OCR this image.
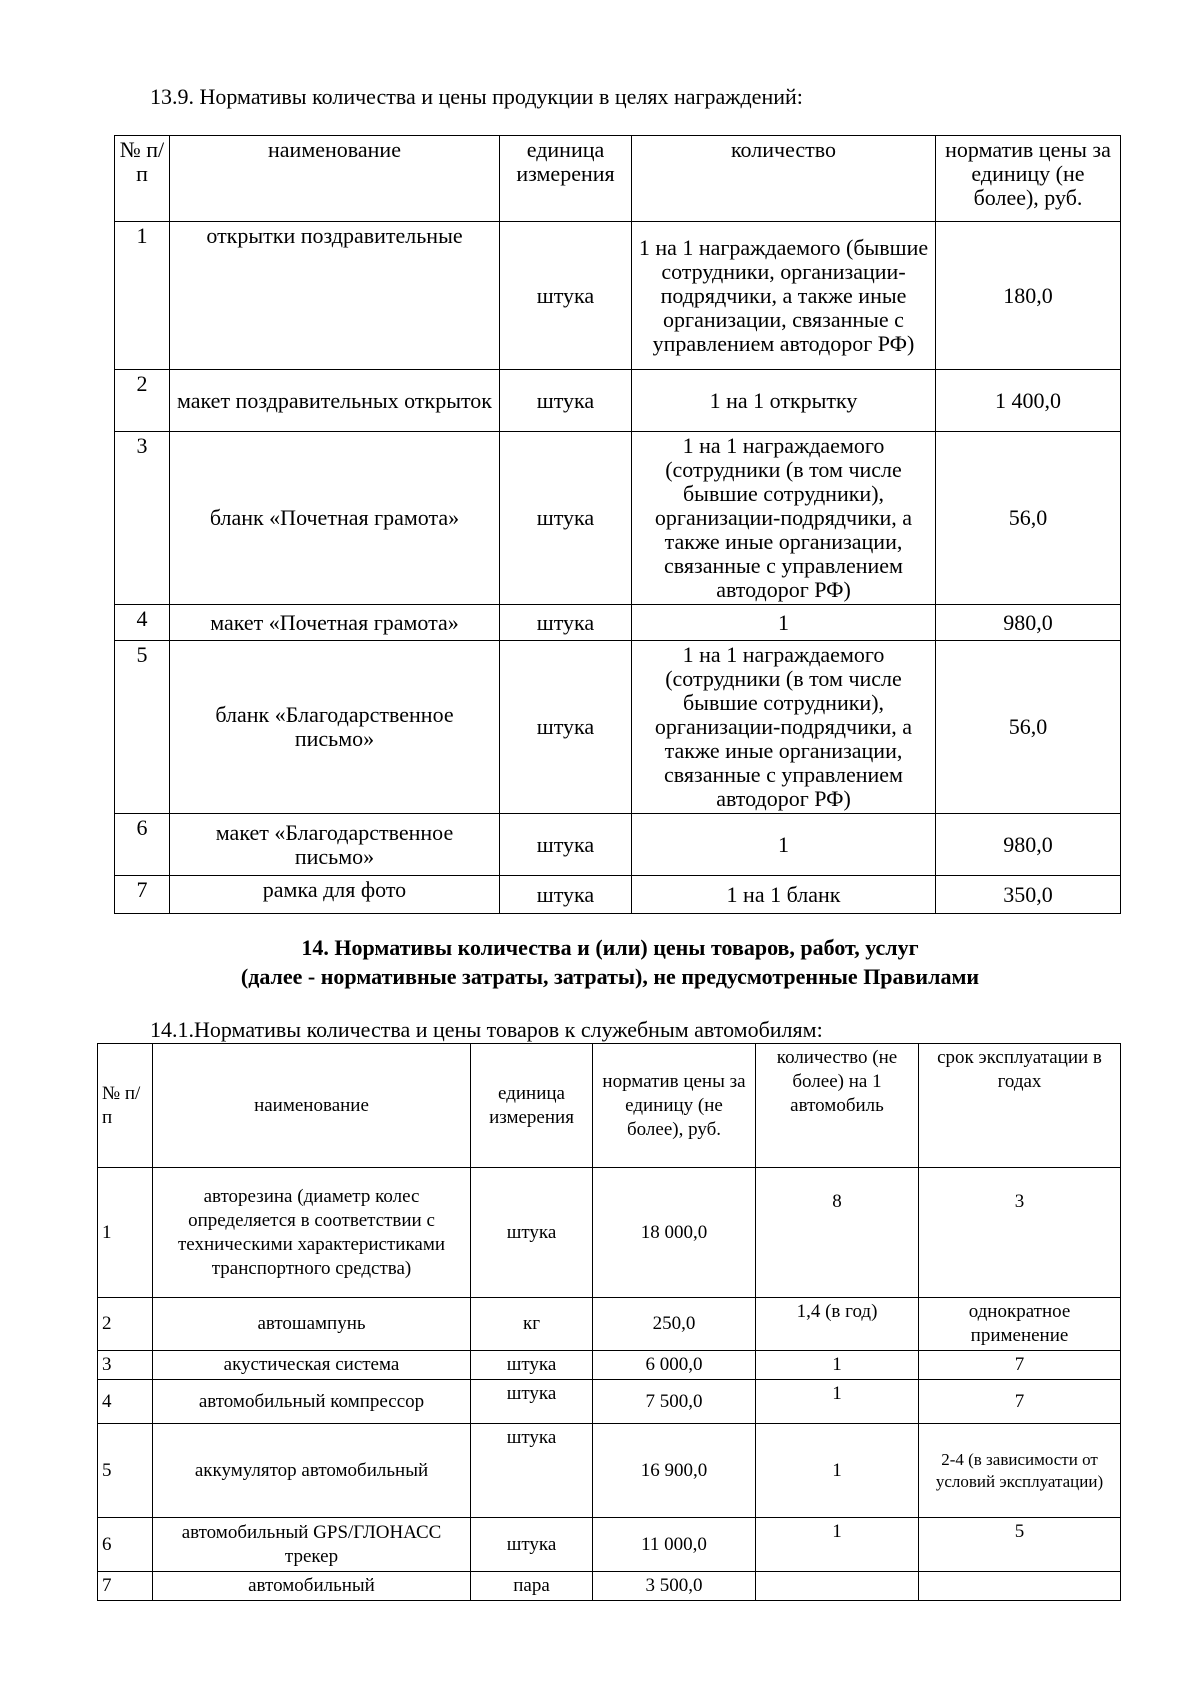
13.9. Нормативы количества и цены продукции в целях награждений:
№ п/п	наименование	единица измерения	количество	норматив цены за единицу (не более), руб.
1	открытки поздравительные	штука	1 на 1 награждаемого (бывшие сотрудники, организации-подрядчики, а также иные организации, связанные с управлением автодорог РФ)	180,0
2	макет поздравительных открыток	штука	1 на 1 открытку	1 400,0
3	бланк «Почетная грамота»	штука	1 на 1 награждаемого (сотрудники (в том числе бывшие сотрудники), организации-подрядчики, а также иные организации, связанные с управлением автодорог РФ)	56,0
4	макет «Почетная грамота»	штука	1	980,0
5	бланк «Благодарственное письмо»	штука	1 на 1 награждаемого (сотрудники (в том числе бывшие сотрудники), организации-подрядчики, а также иные организации, связанные с управлением автодорог РФ)	56,0
6	макет «Благодарственное письмо»	штука	1	980,0
7	рамка для фото	штука	1 на 1 бланк	350,0
14. Нормативы количества и (или) цены товаров, работ, услуг
(далее - нормативные затраты, затраты), не предусмотренные Правилами
14.1.Нормативы количества и цены товаров к служебным автомобилям:
№ п/п	наименование	единица измерения	норматив цены за единицу (не более), руб.	количество (не более) на 1 автомобиль	срок эксплуатации в годах
1	авторезина (диаметр колес определяется в соответствии с техническими характеристиками транспортного средства)	штука	18 000,0	8	3
2	автошампунь	кг	250,0	1,4 (в год)	однократное применение
3	акустическая система	штука	6 000,0	1	7
4	автомобильный компрессор	штука	7 500,0	1	7
5	аккумулятор автомобильный	штука	16 900,0	1	2-4 (в зависимости от условий эксплуатации)
6	автомобильный GPS/ГЛОНАСС трекер	штука	11 000,0	1	5
7	автомобильный	пара	3 500,0		
